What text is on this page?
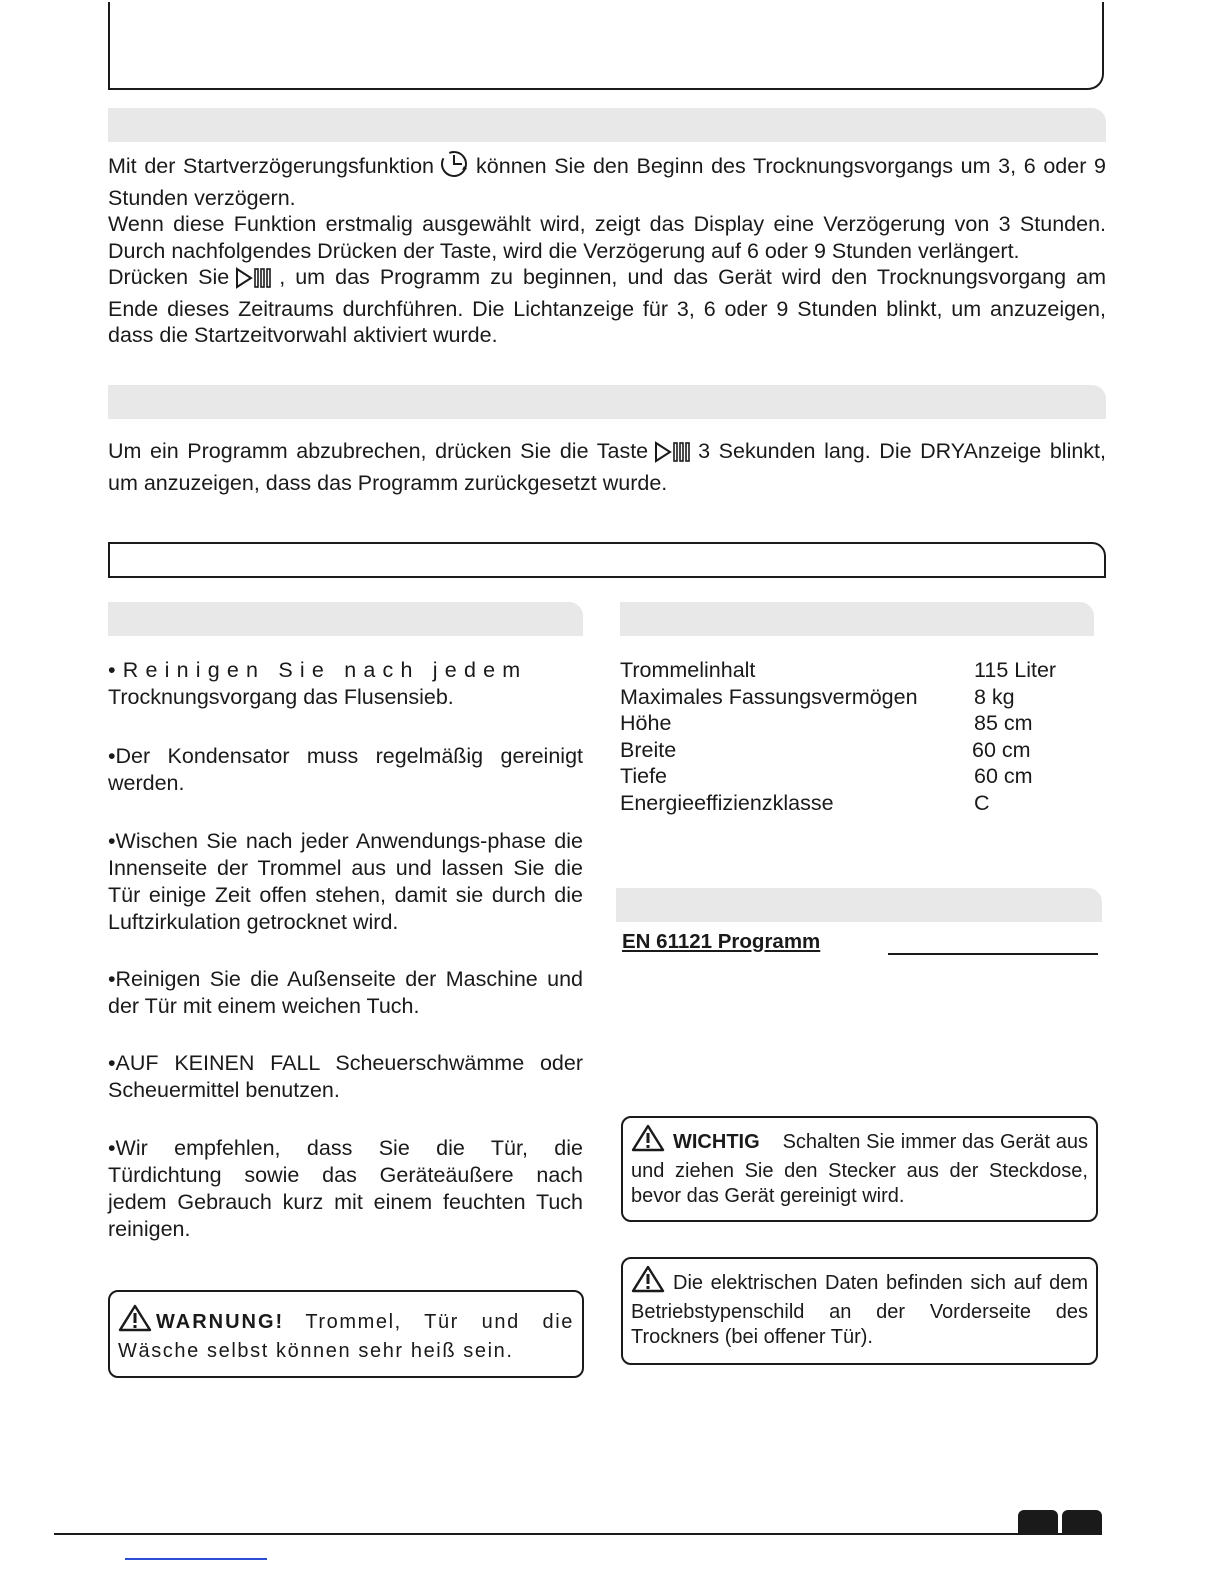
Mit der Startverzögerungsfunktion können Sie den Beginn des Trocknungsvorgangs um 3, 6 oder 9 Stunden verzögern.

Wenn diese Funktion erstmalig ausgewählt wird, zeigt das Display eine Verzögerung von 3 Stunden. Durch nachfolgendes Drücken der Taste, wird die Verzögerung auf 6 oder 9 Stunden verlängert.

Drücken Sie , um das Programm zu beginnen, und das Gerät wird den Trocknungsvorgang am Ende dieses Zeitraums durchführen. Die Lichtanzeige für 3, 6 oder 9 Stunden blinkt, um anzuzeigen, dass die Startzeitvorwahl aktiviert wurde.

Um ein Programm abzubrechen, drücken Sie die Taste 3 Sekunden lang. Die DRYAnzeige blinkt, um anzuzeigen, dass das Programm zurückgesetzt wurde.

•Reinigen Sie nach jedem
Trocknungsvorgang das Flusensieb.

•Der Kondensator muss regelmäßig gereinigt werden.

•Wischen Sie nach jeder Anwendungs-phase die Innenseite der Trommel aus und lassen Sie die Tür einige Zeit offen stehen, damit sie durch die Luftzirkulation getrocknet wird.

•Reinigen Sie die Außenseite der Maschine und der Tür mit einem weichen Tuch.

•AUF KEINEN FALL Scheuerschwämme oder Scheuermittel benutzen.

•Wir empfehlen, dass Sie die Tür, die Türdichtung sowie das Geräteäußere nach jedem Gebrauch kurz mit einem feuchten Tuch reinigen.

WARNUNG! Trommel, Tür und die Wäsche selbst können sehr heiß sein.
Trommelinhalt	115 Liter
Maximales Fassungsvermögen	8 kg
Höhe	85 cm
Breite	60 cm
Tiefe	60 cm
Energieeffizienzklasse	C
EN 61121 Programm
WICHTIG Schalten Sie immer das Gerät aus und ziehen Sie den Stecker aus der Steckdose, bevor das Gerät gereinigt wird.
Die elektrischen Daten befinden sich auf dem Betriebstypenschild an der Vorderseite des Trockners (bei offener Tür).
